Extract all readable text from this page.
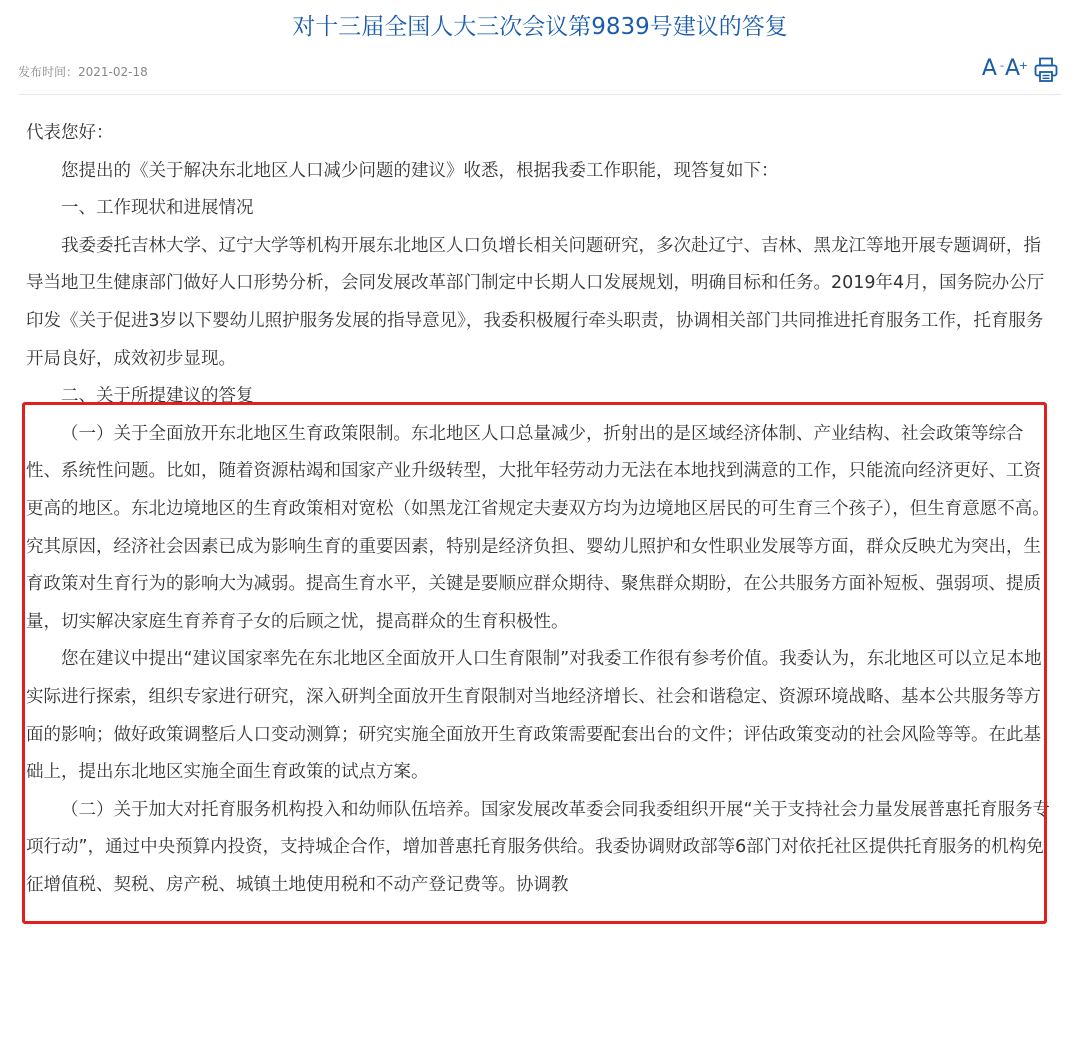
对十三届全国人大三次会议第9839号建议的答复
发布时间：2021-02-18	A - A
+

代表您好：

您提出的《关于解决东北地区人口减少问题的建议》收悉，根据我委工作职能，现答复如下：

一、工作现状和进展情况

我委委托吉林大学、辽宁大学等机构开展东北地区人口负增长相关问题研究，多次赴辽宁、吉林、黑龙江等地开展专题调研，指导当地卫生健康部门做好人口形势分析，会同发展改革部门制定中长期人口发展规划，明确目标和任务。2019年4月，国务院办公厅印发《关于促进3岁以下婴幼儿照护服务发展的指导意见》，我委积极履行牵头职责，协调相关部门共同推进托育服务工作，托育服务开局良好，成效初步显现。

二、关于所提建议的答复

（一）关于全面放开东北地区生育政策限制。东北地区人口总量减少，折射出的是区域经济体制、产业结构、社会政策等综合性、系统性问题。比如，随着资源枯竭和国家产业升级转型，大批年轻劳动力无法在本地找到满意的工作，只能流向经济更好、工资更高的地区。东北边境地区的生育政策相对宽松（如黑龙江省规定夫妻双方均为边境地区居民的可生育三个孩子），但生育意愿不高。究其原因，经济社会因素已成为影响生育的重要因素，特别是经济负担、婴幼儿照护和女性职业发展等方面，群众反映尤为突出，生育政策对生育行为的影响大为减弱。提高生育水平，关键是要顺应群众期待、聚焦群众期盼，在公共服务方面补短板、强弱项、提质量，切实解决家庭生育养育子女的后顾之忧，提高群众的生育积极性。

您在建议中提出“建议国家率先在东北地区全面放开人口生育限制”对我委工作很有参考价值。我委认为，东北地区可以立足本地实际进行探索，组织专家进行研究，深入研判全面放开生育限制对当地经济增长、社会和谐稳定、资源环境战略、基本公共服务等方面的影响；做好政策调整后人口变动测算；研究实施全面放开生育政策需要配套出台的文件；评估政策变动的社会风险等等。在此基础上，提出东北地区实施全面生育政策的试点方案。

（二）关于加大对托育服务机构投入和幼师队伍培养。国家发展改革委会同我委组织开展“关于支持社会力量发展普惠托育服务专项行动”，通过中央预算内投资，支持城企合作，增加普惠托育服务供给。我委协调财政部等6部门对依托社区提供托育服务的机构免征增值税、契税、房产税、城镇土地使用税和不动产登记费等。协调教
